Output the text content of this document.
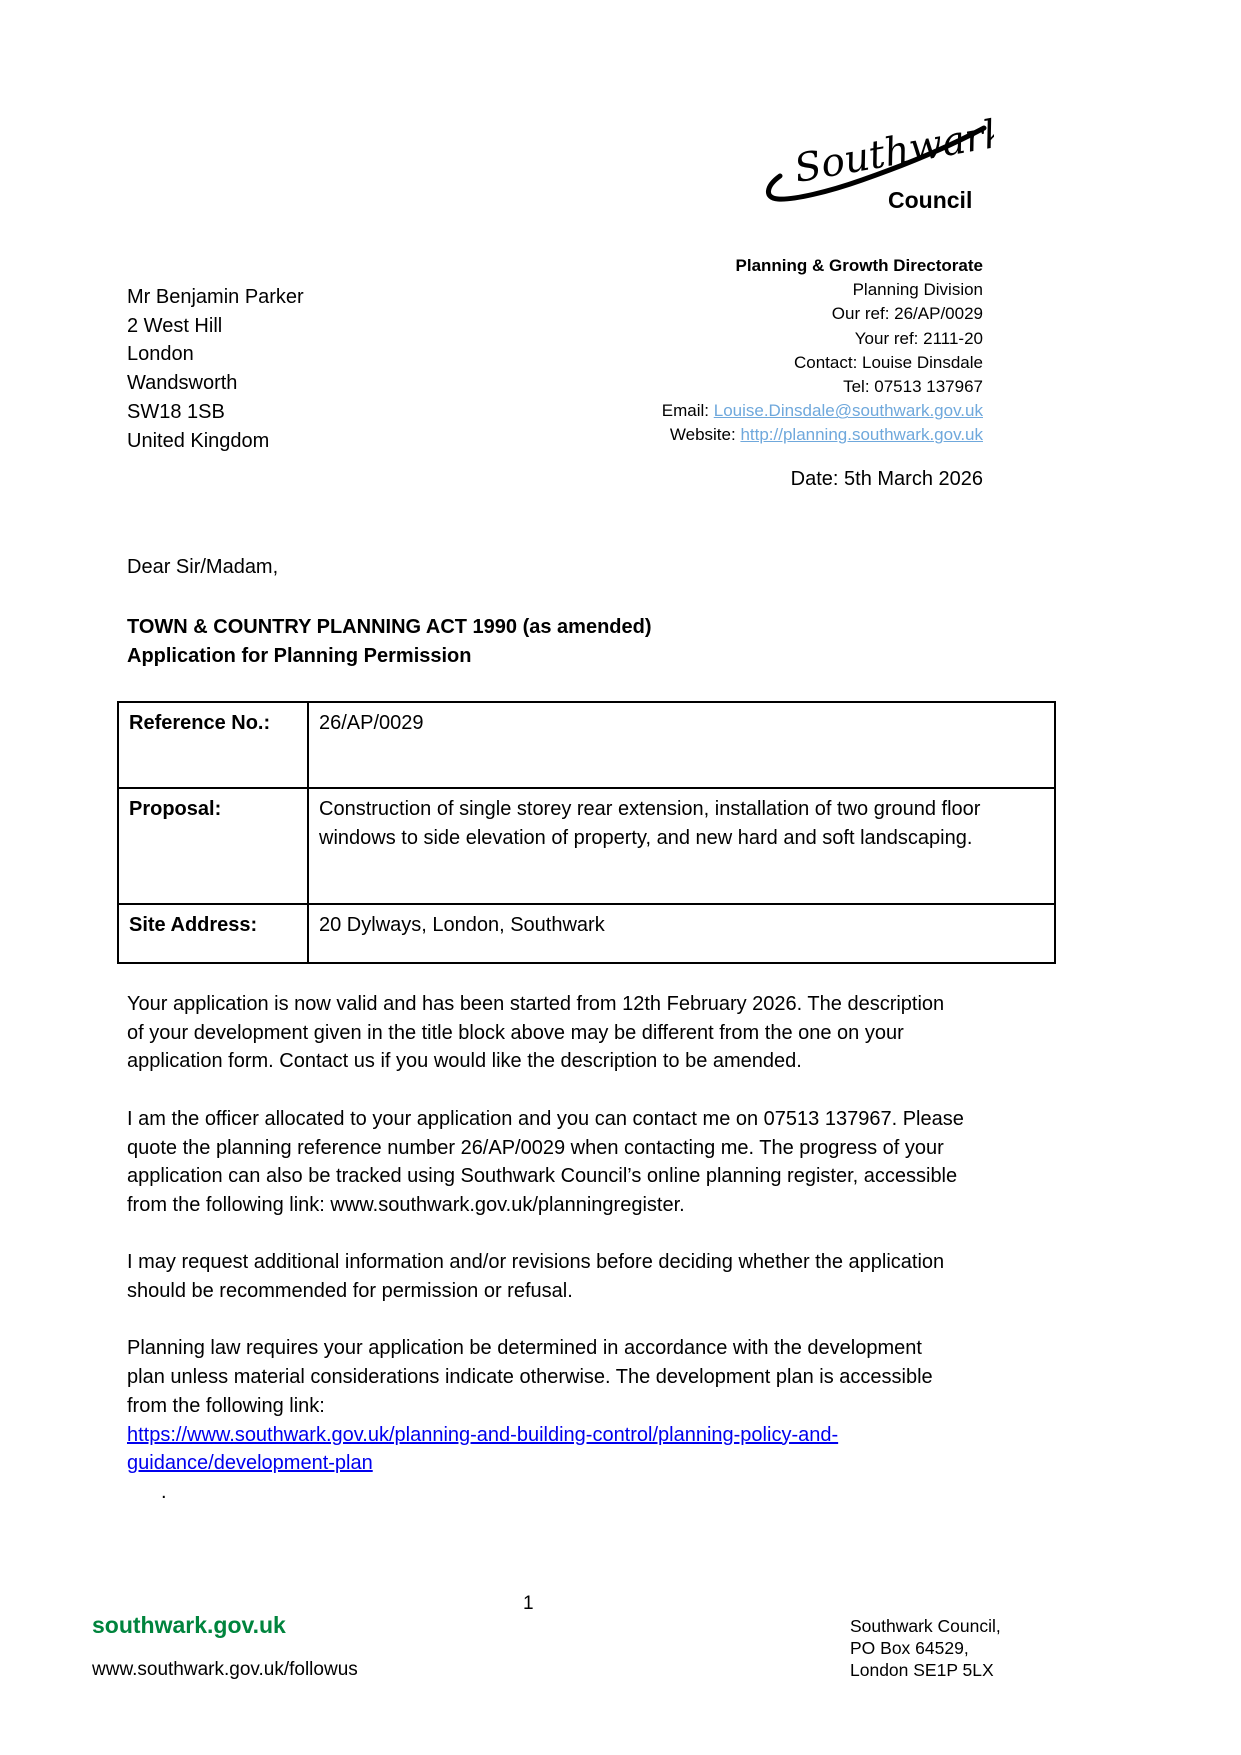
Southwark
Council
Planning & Growth Directorate
Planning Division
Our ref: 26/AP/0029
Your ref: 2111-20
Contact: Louise Dinsdale
Tel: 07513 137967
Email: Louise.Dinsdale@southwark.gov.uk
Website: http://planning.southwark.gov.uk
Mr Benjamin Parker
2 West Hill
London
Wandsworth
SW18 1SB
United Kingdom
Date: 5th March 2026
Dear Sir/Madam,
TOWN & COUNTRY PLANNING ACT 1990 (as amended)
Application for Planning Permission
Reference No.:	26/AP/0029
Proposal:	Construction of single storey rear extension, installation of two ground floor windows to side elevation of property, and new hard and soft landscaping.
Site Address:	20 Dylways, London, Southwark

Your application is now valid and has been started from 12th February 2026. The description of your development given in the title block above may be different from the one on your application form. Contact us if you would like the description to be amended.

I am the officer allocated to your application and you can contact me on 07513 137967. Please quote the planning reference number 26/AP/0029 when contacting me. The progress of your application can also be tracked using Southwark Council’s online planning register, accessible from the following link: www.southwark.gov.uk/planningregister.

I may request additional information and/or revisions before deciding whether the application should be recommended for permission or refusal.

Planning law requires your application be determined in accordance with the development plan unless material considerations indicate otherwise. The development plan is accessible from the following link: https://www.southwark.gov.uk/planning-and-building-control/planning-policy-and-guidance/development-plan.

1
southwark.gov.uk
www.southwark.gov.uk/followus
Southwark Council,
PO Box 64529,
London SE1P 5LX
